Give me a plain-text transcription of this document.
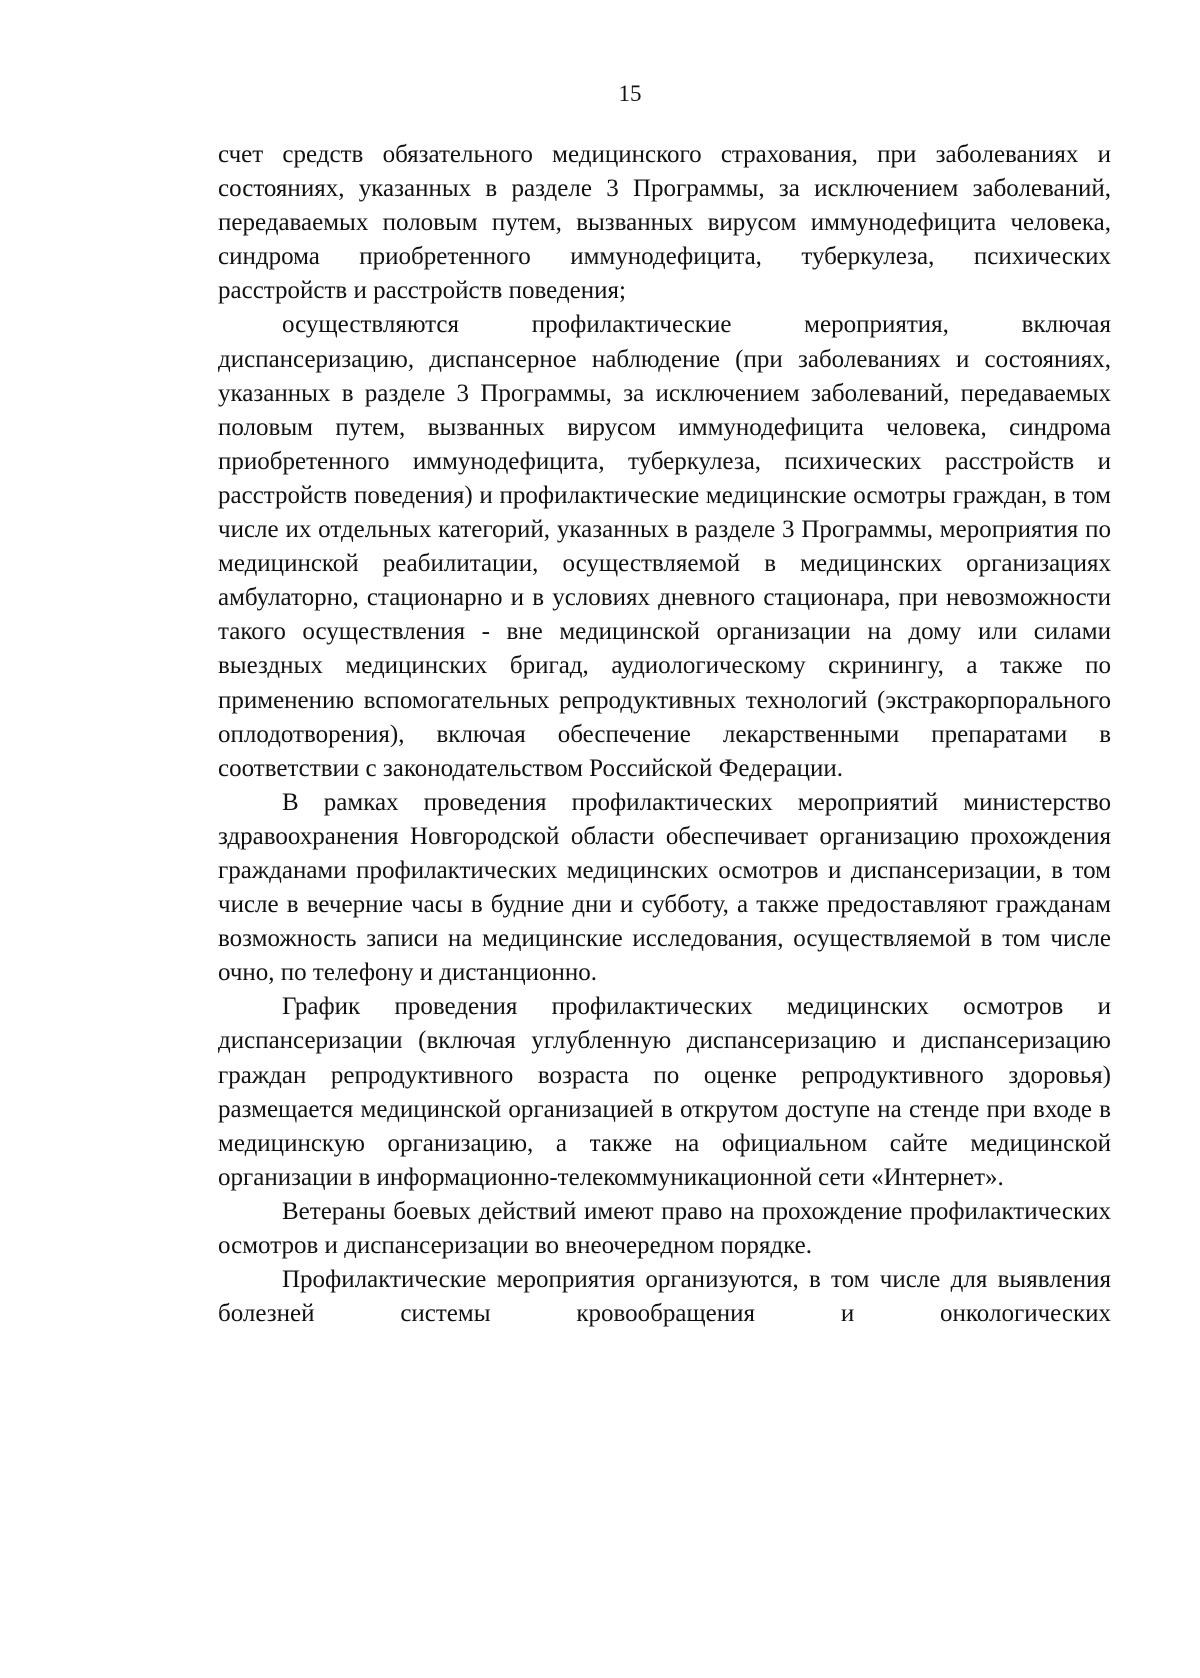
15

счет средств обязательного медицинского страхования, при заболеваниях и состояниях, указанных в разделе 3 Программы, за исключением заболеваний, передаваемых половым путем, вызванных вирусом иммунодефицита человека, синдрома приобретенного иммунодефицита, туберкулеза, психических расстройств и расстройств поведения;

осуществляются профилактические мероприятия, включая диспансеризацию, диспансерное наблюдение (при заболеваниях и состояниях, указанных в разделе 3 Программы, за исключением заболеваний, передаваемых половым путем, вызванных вирусом иммунодефицита человека, синдрома приобретенного иммунодефицита, туберкулеза, психических расстройств и расстройств поведения) и профилактические медицинские осмотры граждан, в том числе их отдельных категорий, указанных в разделе 3 Программы, мероприятия по медицинской реабилитации, осуществляемой в медицинских организациях амбулаторно, стационарно и в условиях дневного стационара, при невозможности такого осуществления - вне медицинской организации на дому или силами выездных медицинских бригад, аудиологическому скринингу, а также по применению вспомогательных репродуктивных технологий (экстракорпорального оплодотворения), включая обеспечение лекарственными препаратами в соответствии с законодательством Российской Федерации.

В рамках проведения профилактических мероприятий министерство здравоохранения Новгородской области обеспечивает организацию прохождения гражданами профилактических медицинских осмотров и диспансеризации, в том числе в вечерние часы в будние дни и субботу, а также предоставляют гражданам возможность записи на медицинские исследования, осуществляемой в том числе очно, по телефону и дистанционно.

График проведения профилактических медицинских осмотров и диспансеризации (включая углубленную диспансеризацию и диспансеризацию граждан репродуктивного возраста по оценке репродуктивного здоровья) размещается медицинской организацией в открутом доступе на стенде при входе в медицинскую организацию, а также на официальном сайте медицинской организации в информационно-телекоммуникационной сети «Интернет».

Ветераны боевых действий имеют право на прохождение профилактических осмотров и диспансеризации во внеочередном порядке.

Профилактические мероприятия организуются, в том числе для выявления болезней системы кровообращения и онкологических
